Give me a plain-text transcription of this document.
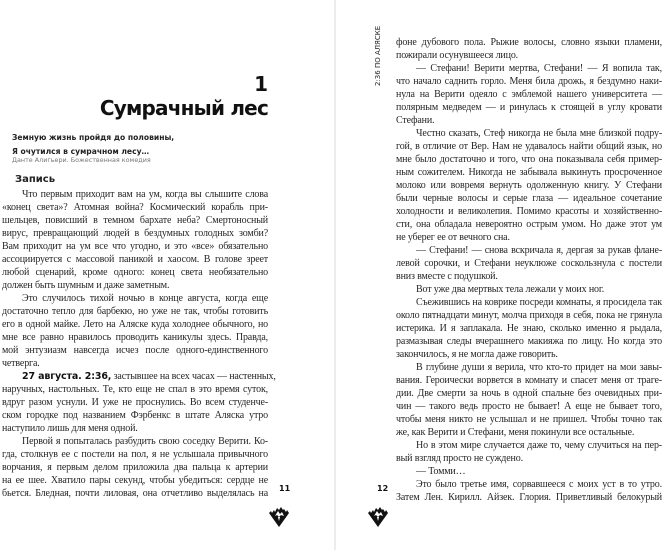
1
Сумрачный лес
Земную жизнь пройдя до половины,
Я очутился в сумрачном лесу…
Данте Алигьери. Божественная комедия
Запись
Что первым приходит вам на ум, когда вы слышите слова
«конец света»? Атомная война? Космический корабль при-
шельцев, повисший в темном бархате неба? Смертоносный
вирус, превращающий людей в бездумных голодных зомби?
Вам приходит на ум все что угодно, и это «все» обязательно
ассоциируется с массовой паникой и хаосом. В голове зреет
любой сценарий, кроме одного: конец света необязательно
должен быть шумным и даже заметным.
Это случилось тихой ночью в конце августа, когда еще
достаточно тепло для барбекю, но уже не так, чтобы готовить
его в одной майке. Лето на Аляске куда холоднее обычного, но
мне все равно нравилось проводить каникулы здесь. Правда,
мой энтузиазм навсегда исчез после одного-единственного
четверга.
27 августа. 2:36, застывшее на всех часах — настенных,
наручных, настольных. Те, кто еще не спал в это время суток,
вдруг разом уснули. И уже не проснулись. Во всем студенче-
ском городке под названием Фэрбенкс в штате Аляска утро
наступило лишь для меня одной.
Первой я попыталась разбудить свою соседку Верити. Ко-
гда, столкнув ее с постели на пол, я не услышала привычного
ворчания, я первым делом приложила два пальца к артерии
на ее шее. Хватило пары секунд, чтобы убедиться: сердце не
бьется. Бледная, почти лиловая, она отчетливо выделялась на 11
2:36 ПО АЛЯСКЕ фоне дубового пола. Рыжие волосы, словно языки пламени,
пожирали осунувшееся лицо.
— Стефани! Верити мертва, Стефани! — Я вопила так,
что начало саднить горло. Меня била дрожь, я бездумно наки-
нула на Верити одеяло с эмблемой нашего университета —
полярным медведем — и ринулась к стоящей в углу кровати
Стефани.
Честно сказать, Стеф никогда не была мне близкой подру-
гой, в отличие от Вер. Нам не удавалось найти общий язык, но
мне было достаточно и того, что она показывала себя пример-
ным сожителем. Никогда не забывала выкинуть просроченное
молоко или вовремя вернуть одолженную книгу. У Стефани
были черные волосы и серые глаза — идеальное сочетание
холодности и великолепия. Помимо красоты и хозяйственно-
сти, она обладала невероятно острым умом. Но даже этот ум
не уберег ее от вечного сна.
— Стефани! — снова вскричала я, дергая за рукав флане-
левой сорочки, и Стефани неуклюже соскользнула с постели
вниз вместе с подушкой.
Вот уже два мертвых тела лежали у моих ног.
Съежившись на коврике посреди комнаты, я просидела так
около пятнадцати минут, молча приходя в себя, пока не грянула
истерика. И я заплакала. Не знаю, сколько именно я рыдала,
размазывая следы вчерашнего макияжа по лицу. Но когда это
закончилось, я не могла даже говорить.
В глубине души я верила, что кто-то придет на мои завы-
вания. Героически ворвется в комнату и спасет меня от траге-
дии. Две смерти за ночь в одной спальне без очевидных при-
чин — такого ведь просто не бывает! А еще не бывает того,
чтобы меня никто не услышал и не пришел. Чтобы точно так
же, как Верити и Стефани, меня покинули все остальные.
Но в этом мире случается даже то, чему случиться на пер-
вый взгляд просто не суждено.
— Томми…
Это было третье имя, сорвавшееся с моих уст в то утро.
Затем Лен. Кирилл. Айзек. Глория. Приветливый белокурый
12
